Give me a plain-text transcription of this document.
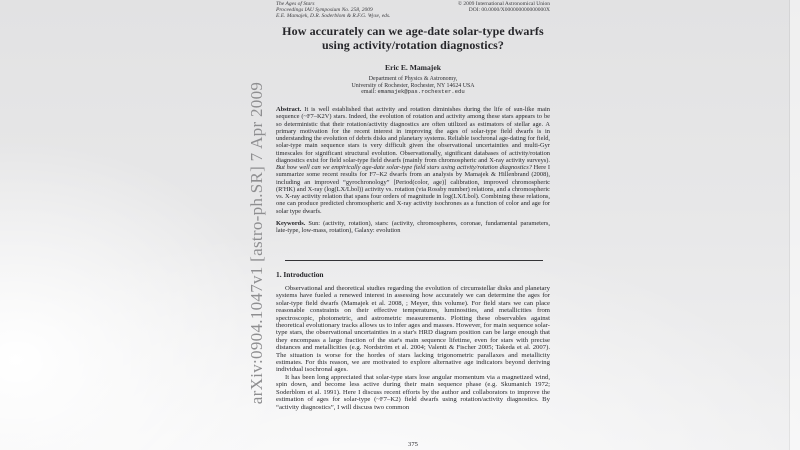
arXiv:0904.1047v1 [astro-ph.SR] 7 Apr 2009
The Ages of Stars
Proceedings IAU Symposium No. 258, 2009
E.E. Mamajek, D.R. Soderblom & R.F.G. Wyse, eds.
© 2009 International Astronomical Union
DOI: 00.0000/X000000000000000X
How accurately can we age-date solar-type dwarfs using activity/rotation diagnostics?
Eric E. Mamajek
Department of Physics & Astronomy,
University of Rochester, Rochester, NY 14624 USA
email: emamajek@pas.rochester.edu

Abstract. It is well established that activity and rotation diminishes during the life of sun-like main sequence (~F7–K2V) stars. Indeed, the evolution of rotation and activity among these stars appears to be so deterministic that their rotation/activity diagnostics are often utilized as estimators of stellar age. A primary motivation for the recent interest in improving the ages of solar-type field dwarfs is in understanding the evolution of debris disks and planetary systems. Reliable isochronal age-dating for field, solar-type main sequence stars is very difficult given the observational uncertainties and multi-Gyr timescales for significant structural evolution. Observationally, significant databases of activity/rotation diagnostics exist for field solar-type field dwarfs (mainly from chromospheric and X-ray activity surveys). But how well can we empirically age-date solar-type field stars using activity/rotation diagnostics? Here I summarize some recent results for F7–K2 dwarfs from an analysis by Mamajek & Hillenbrand (2008), including an improved “gyrochronology” [Period(color, age)] calibration, improved chromospheric (R′HK) and X-ray (log(LX/Lbol)) activity vs. rotation (via Rossby number) relations, and a chromospheric vs. X-ray activity relation that spans four orders of magnitude in log(LX/Lbol). Combining these relations, one can produce predicted chromospheric and X-ray activity isochrones as a function of color and age for solar type dwarfs.

Keywords. Sun: (activity, rotation), stars: (activity, chromospheres, coronae, fundamental parameters, late-type, low-mass, rotation), Galaxy: evolution

1. Introduction

Observational and theoretical studies regarding the evolution of circumstellar disks and planetary systems have fueled a renewed interest in assessing how accurately we can determine the ages for solar-type field dwarfs (Mamajek et al. 2008, ; Meyer, this volume). For field stars we can place reasonable constraints on their effective temperatures, luminosities, and metallicities from spectroscopic, photometric, and astrometric measurements. Plotting these observables against theoretical evolutionary tracks allows us to infer ages and masses. However, for main sequence solar-type stars, the observational uncertainties in a star's HRD diagram position can be large enough that they encompass a large fraction of the star's main sequence lifetime, even for stars with precise distances and metallicities (e.g. Nordström et al. 2004; Valenti & Fischer 2005; Takeda et al. 2007). The situation is worse for the hordes of stars lacking trigonometric parallaxes and metallicity estimates. For this reason, we are motivated to explore alternative age indicators beyond deriving individual isochronal ages.

It has been long appreciated that solar-type stars lose angular momentum via a magnetized wind, spin down, and become less active during their main sequence phase (e.g. Skumanich 1972; Soderblom et al. 1991). Here I discuss recent efforts by the author and collaborators to improve the estimation of ages for solar-type (~F7–K2) field dwarfs using rotation/activity diagnostics. By “activity diagnostics”, I will discuss two common

375
